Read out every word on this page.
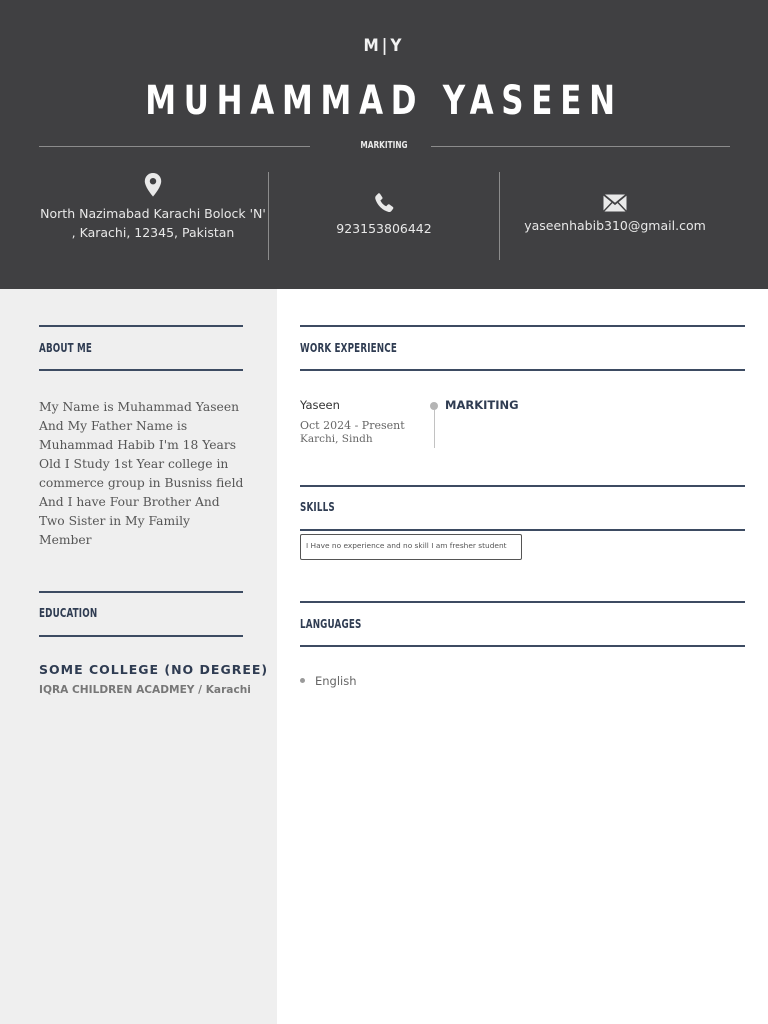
M|Y
MUHAMMAD YASEEN
MARKITING
North Nazimabad Karachi Bolock 'N' , Karachi, 12345, Pakistan	923153806442	yaseenhabib310@gmail.com
ABOUT ME
My Name is Muhammad Yaseen And My Father Name is Muhammad Habib I'm 18 Years Old I Study 1st Year college in commerce group in Busniss field And I have Four Brother And Two Sister in My Family Member
EDUCATION
SOME COLLEGE (NO DEGREE)
IQRA CHILDREN ACADMEY / Karachi
WORK EXPERIENCE
Yaseen
Oct 2024 - Present
Karchi, Sindh
MARKITING
SKILLS
I Have no experience and no skill I am fresher student
LANGUAGES
English
